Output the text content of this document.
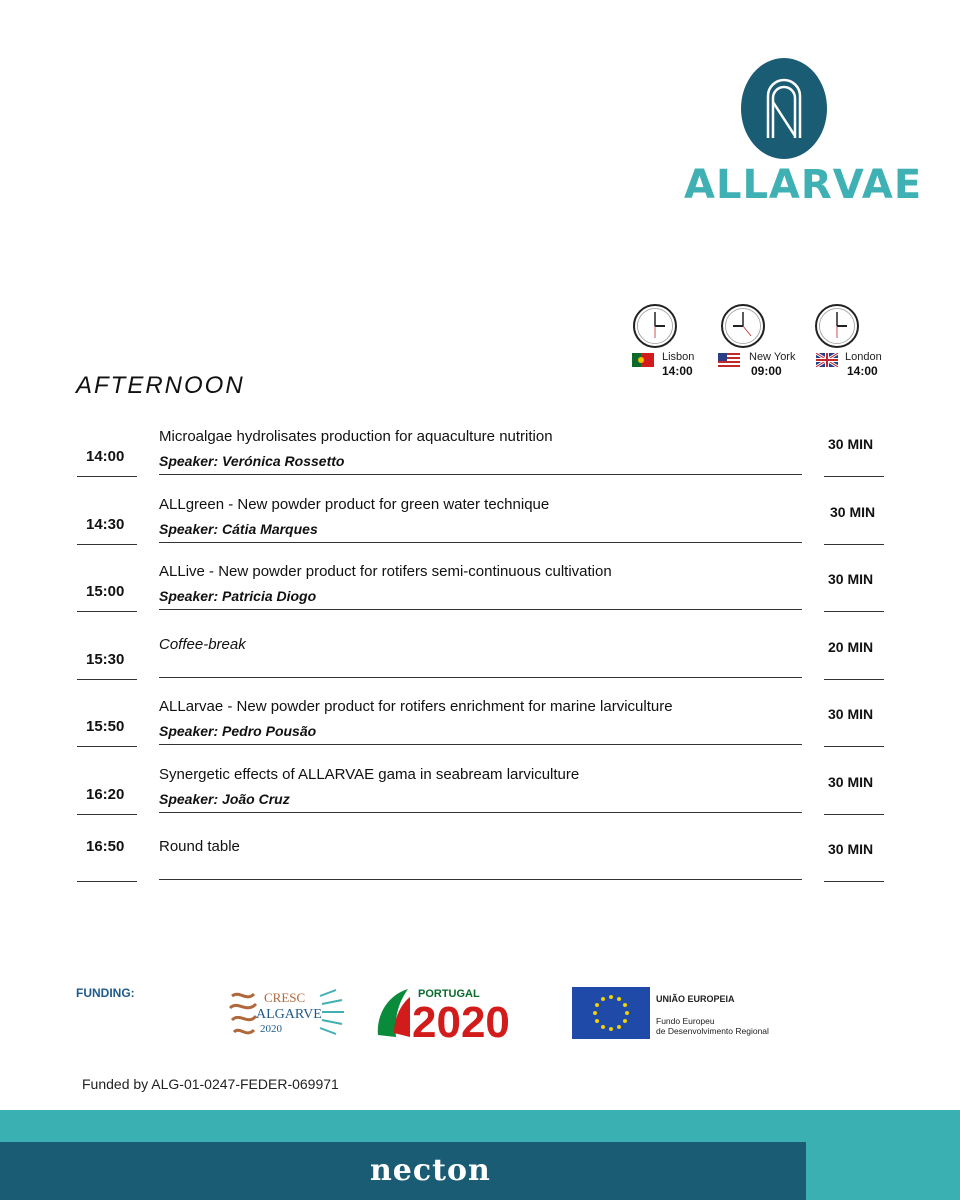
ALLARVAE
Lisbon
14:00
New York
09:00
London
14:00
AFTERNOON
14:00
Microalgae hydrolisates production for aquaculture nutrition
Speaker: Verónica Rossetto
30 MIN
14:30
ALLgreen - New powder product for green water technique
Speaker: Cátia Marques
30 MIN
15:00
ALLive - New powder product for rotifers semi-continuous cultivation
Speaker: Patricia Diogo
30 MIN
15:30
Coffee-break	20 MIN
15:50
ALLarvae - New powder product for rotifers enrichment for marine larviculture
Speaker: Pedro Pousão
30 MIN
16:20
Synergetic effects of ALLARVAE gama in seabream larviculture
Speaker: João Cruz
30 MIN
16:50 Round table	30 MIN
FUNDING:	CRESC
ALGARVE
2020
PORTUGAL
2020	UNIÃO EUROPEIA
Fundo Europeu
de Desenvolvimento Regional
Funded by ALG-01-0247-FEDER-069971
necton
